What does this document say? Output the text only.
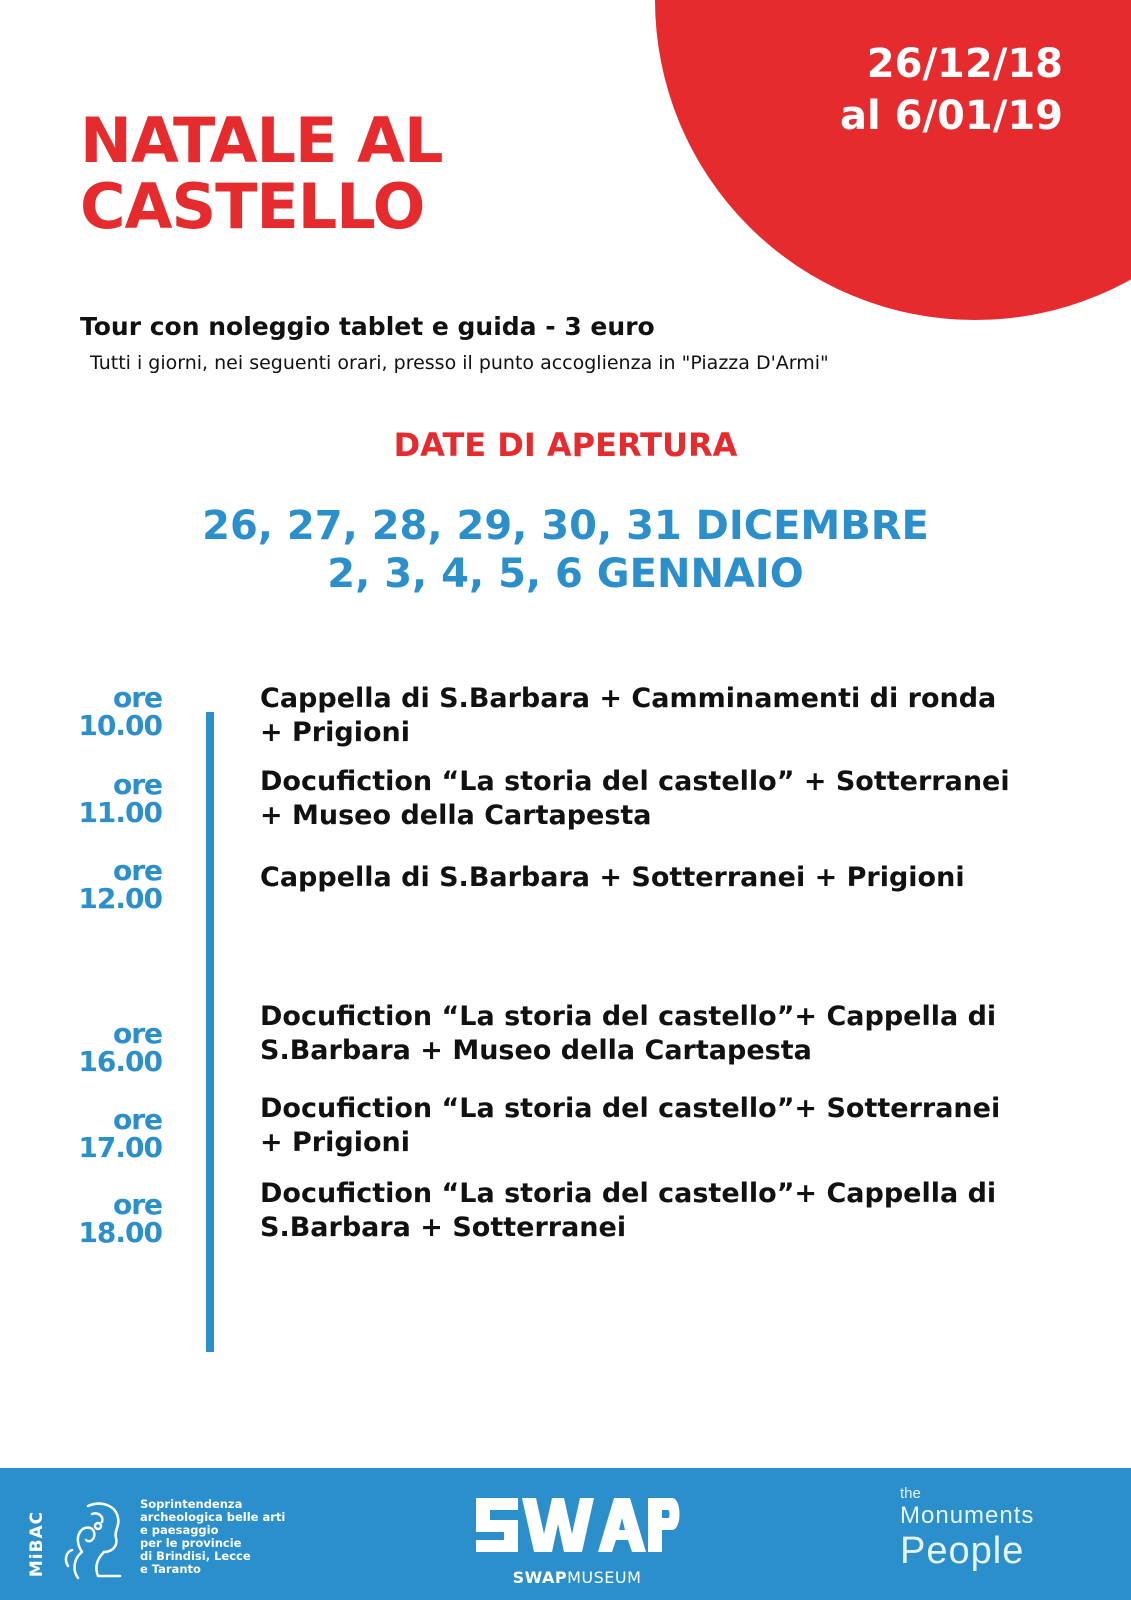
26/12/18
al 6/01/19
NATALE AL
CASTELLO
Tour con noleggio tablet e guida - 3 euro
Tutti i giorni, nei seguenti orari, presso il punto accoglienza in "Piazza D'Armi"
DATE DI APERTURA
26, 27, 28, 29, 30, 31 DICEMBRE
2, 3, 4, 5, 6 GENNAIO
ore
10.00
Cappella di S.Barbara + Camminamenti di ronda
+ Prigioni
ore
11.00
Docufiction “La storia del castello” + Sotterranei
+ Museo della Cartapesta
ore
12.00
Cappella di S.Barbara + Sotterranei + Prigioni
ore
16.00
Docufiction “La storia del castello”+ Cappella di
S.Barbara + Museo della Cartapesta
ore
17.00
Docufiction “La storia del castello”+ Sotterranei
+ Prigioni
ore
18.00
Docufiction “La storia del castello”+ Cappella di
S.Barbara + Sotterranei
MiBAC
Soprintendenza
archeologica belle arti
e paesaggio
per le provincie
di Brindisi, Lecce
e Taranto	SWAPMUSEUM
the
Monuments
People
